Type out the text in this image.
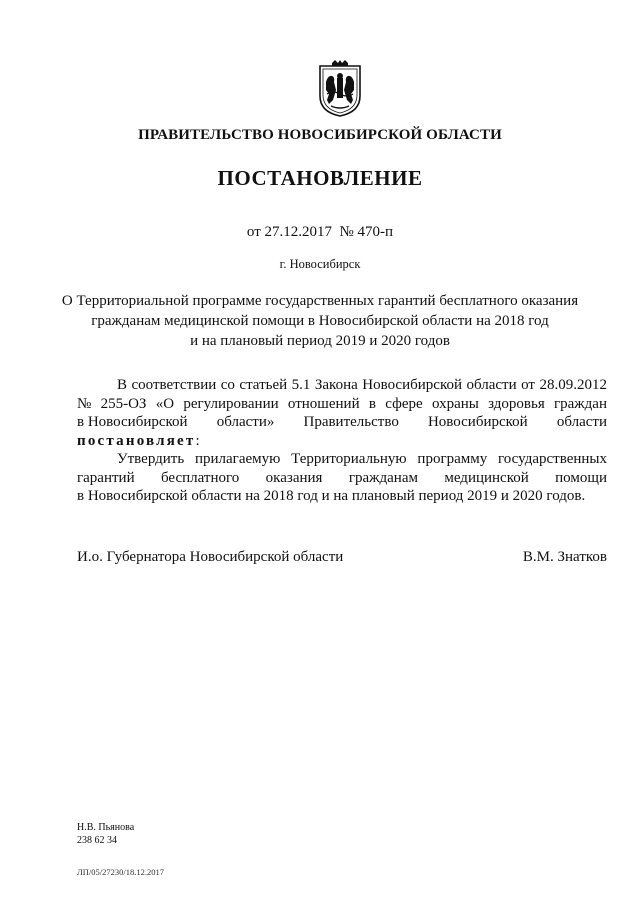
ПРАВИТЕЛЬСТВО НОВОСИБИРСКОЙ ОБЛАСТИ
ПОСТАНОВЛЕНИЕ
от 27.12.2017  № 470-п
г. Новосибирск
О Территориальной программе государственных гарантий бесплатного оказания
гражданам медицинской помощи в Новосибирской области на 2018 год
и на плановый период 2019 и 2020 годов
В соответствии со статьей 5.1 Закона Новосибирской области от 28.09.2012
№ 255-ОЗ «О регулировании отношений в сфере охраны здоровья граждан
в Новосибирской области» Правительство Новосибирской области
постановляет :
Утвердить прилагаемую Территориальную программу государственных
гарантий бесплатного оказания гражданам медицинской помощи
в Новосибирской области на 2018 год и на плановый период 2019 и 2020 годов.
И.о. Губернатора Новосибирской области	В.М. Знатков
Н.В. Пьянова
238 62 34
ЛП/05/27230/18.12.2017
